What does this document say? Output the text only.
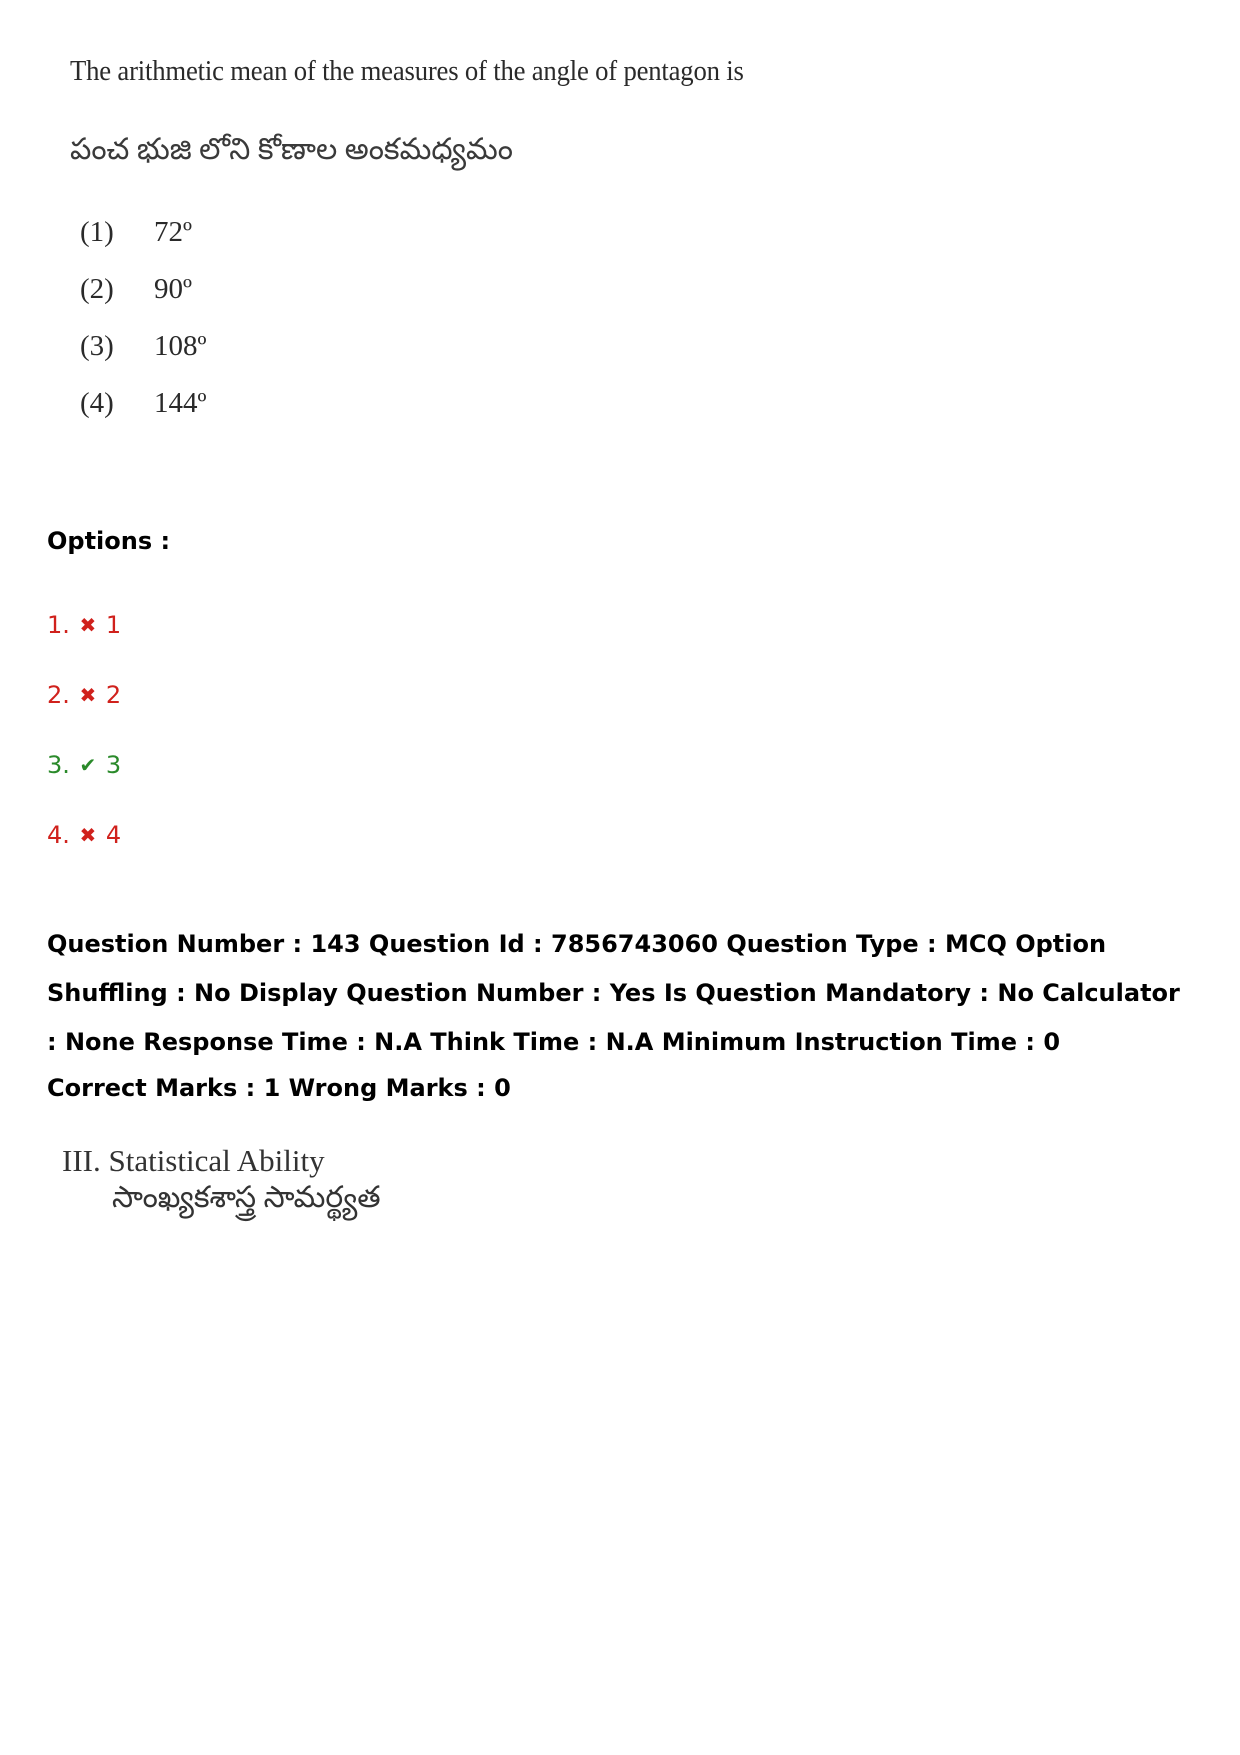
The arithmetic mean of the measures of the angle of pentagon is
పంచ భుజి లోని కోణాల అంకమధ్యమం
(1)	72º
(2)	90º
(3)	108º
(4)	144º
Options :
1. ✖ 1
2. ✖ 2
3. ✔ 3
4. ✖ 4
Question Number : 143 Question Id : 7856743060 Question Type : MCQ Option Shuffling : No Display Question Number : Yes Is Question Mandatory : No Calculator : None Response Time : N.A Think Time : N.A Minimum Instruction Time : 0
Correct Marks : 1 Wrong Marks : 0
III. Statistical Ability
సాంఖ్యకశాస్త్ర సామర్థ్యత
